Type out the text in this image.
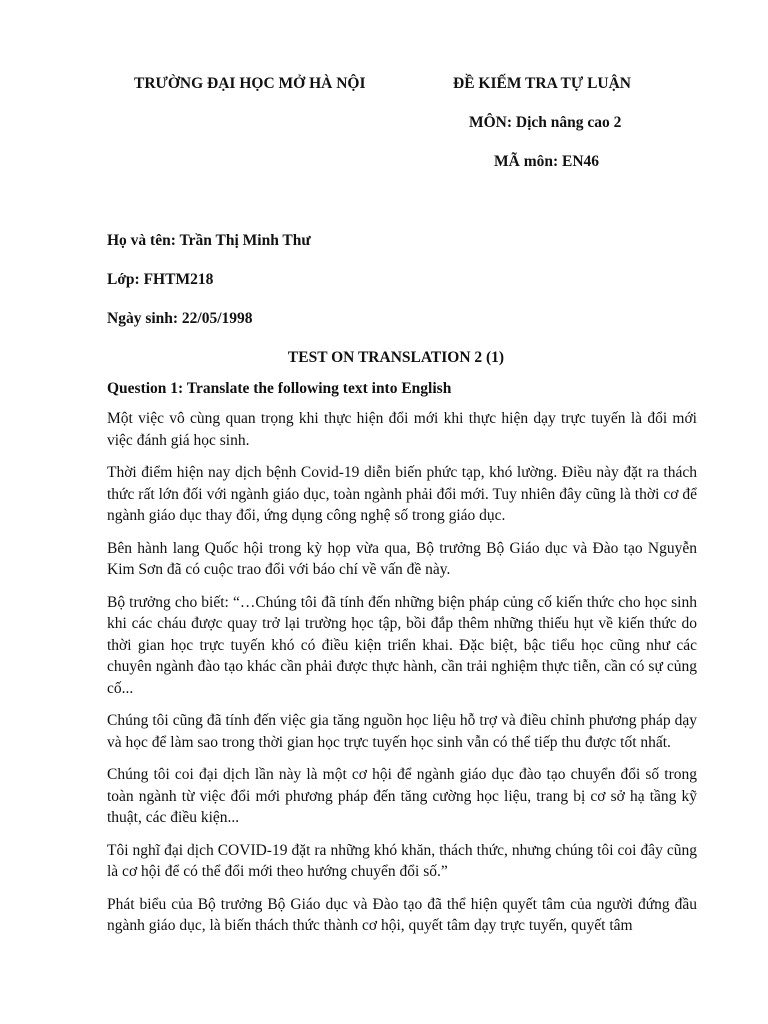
TRƯỜNG ĐẠI HỌC MỞ HÀ NỘI	ĐỀ KIẾM TRA TỰ LUẬN
MÔN: Dịch nâng cao 2
MÃ môn: EN46
Họ và tên: Trần Thị Minh Thư
Lớp: FHTM218
Ngày sinh: 22/05/1998
TEST ON TRANSLATION 2 (1)
Question 1: Translate the following text into English

Một việc vô cùng quan trọng khi thực hiện đổi mới khi thực hiện dạy trực tuyến là đổi mới việc đánh giá học sinh.

Thời điểm hiện nay dịch bệnh Covid-19 diễn biến phức tạp, khó lường. Điều này đặt ra thách thức rất lớn đối với ngành giáo dục, toàn ngành phải đổi mới. Tuy nhiên đây cũng là thời cơ để ngành giáo dục thay đổi, ứng dụng công nghệ số trong giáo dục.

Bên hành lang Quốc hội trong kỳ họp vừa qua, Bộ trưởng Bộ Giáo dục và Đào tạo Nguyễn Kim Sơn đã có cuộc trao đổi với báo chí về vấn đề này.

Bộ trưởng cho biết: “…Chúng tôi đã tính đến những biện pháp củng cố kiến thức cho học sinh khi các cháu được quay trở lại trường học tập, bồi đắp thêm những thiếu hụt về kiến thức do thời gian học trực tuyến khó có điều kiện triển khai. Đặc biệt, bậc tiểu học cũng như các chuyên ngành đào tạo khác cần phải được thực hành, cần trải nghiệm thực tiễn, cần có sự củng cố...

Chúng tôi cũng đã tính đến việc gia tăng nguồn học liệu hỗ trợ và điều chỉnh phương pháp dạy và học để làm sao trong thời gian học trực tuyến học sinh vẫn có thể tiếp thu được tốt nhất.

Chúng tôi coi đại dịch lần này là một cơ hội để ngành giáo dục đào tạo chuyển đổi số trong toàn ngành từ việc đổi mới phương pháp đến tăng cường học liệu, trang bị cơ sở hạ tầng kỹ thuật, các điều kiện...

Tôi nghĩ đại dịch COVID-19 đặt ra những khó khăn, thách thức, nhưng chúng tôi coi đây cũng là cơ hội để có thể đổi mới theo hướng chuyển đổi số.”

Phát biểu của Bộ trưởng Bộ Giáo dục và Đào tạo đã thể hiện quyết tâm của người đứng đầu ngành giáo dục, là biến thách thức thành cơ hội, quyết tâm dạy trực tuyến, quyết tâm
